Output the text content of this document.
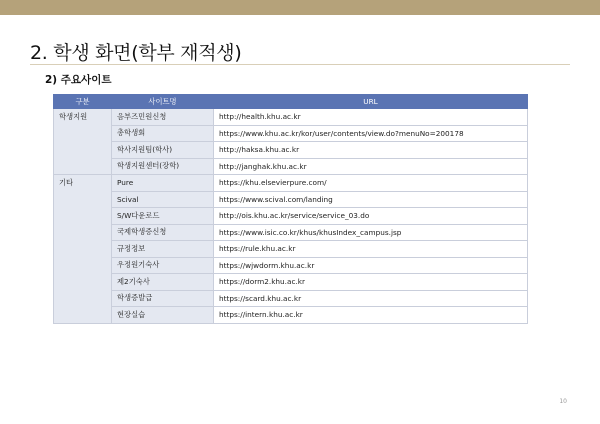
2. 학생 화면(학부 재적생)
2) 주요사이트
구분	사이트명	URL
학생지원	음부즈민원신청	http://health.khu.ac.kr
	총학생회	https://www.khu.ac.kr/kor/user/contents/view.do?menuNo=200178
	학사지원팀(학사)	http://haksa.khu.ac.kr
	학생지원센터(장학)	http://janghak.khu.ac.kr
기타	Pure	https://khu.elsevierpure.com/
	Scival	https://www.scival.com/landing
	S/W다운로드	http://ois.khu.ac.kr/service/service_03.do
	국제학생증신청	https://www.isic.co.kr/khus/khusIndex_campus.jsp
	규정정보	https://rule.khu.ac.kr
	우정원기숙사	https://wjwdorm.khu.ac.kr
	제2기숙사	https://dorm2.khu.ac.kr
	학생증발급	https://scard.khu.ac.kr
	현장실습	https://intern.khu.ac.kr
10
